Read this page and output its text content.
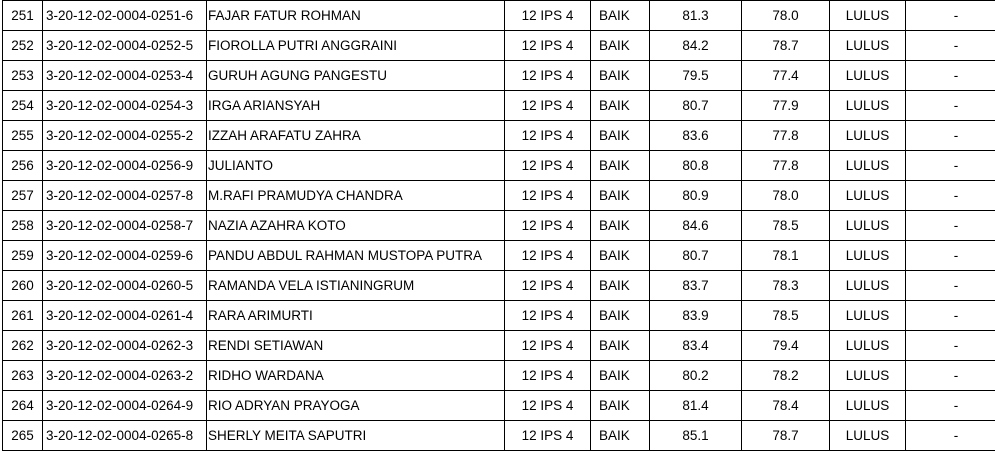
251	3-20-12-02-0004-0251-6	FAJAR FATUR ROHMAN	12 IPS 4	BAIK	81.3	78.0	LULUS	-
252	3-20-12-02-0004-0252-5	FIOROLLA PUTRI ANGGRAINI	12 IPS 4	BAIK	84.2	78.7	LULUS	-
253	3-20-12-02-0004-0253-4	GURUH AGUNG PANGESTU	12 IPS 4	BAIK	79.5	77.4	LULUS	-
254	3-20-12-02-0004-0254-3	IRGA ARIANSYAH	12 IPS 4	BAIK	80.7	77.9	LULUS	-
255	3-20-12-02-0004-0255-2	IZZAH ARAFATU ZAHRA	12 IPS 4	BAIK	83.6	77.8	LULUS	-
256	3-20-12-02-0004-0256-9	JULIANTO	12 IPS 4	BAIK	80.8	77.8	LULUS	-
257	3-20-12-02-0004-0257-8	M.RAFI PRAMUDYA CHANDRA	12 IPS 4	BAIK	80.9	78.0	LULUS	-
258	3-20-12-02-0004-0258-7	NAZIA AZAHRA KOTO	12 IPS 4	BAIK	84.6	78.5	LULUS	-
259	3-20-12-02-0004-0259-6	PANDU ABDUL RAHMAN MUSTOPA PUTRA	12 IPS 4	BAIK	80.7	78.1	LULUS	-
260	3-20-12-02-0004-0260-5	RAMANDA VELA ISTIANINGRUM	12 IPS 4	BAIK	83.7	78.3	LULUS	-
261	3-20-12-02-0004-0261-4	RARA ARIMURTI	12 IPS 4	BAIK	83.9	78.5	LULUS	-
262	3-20-12-02-0004-0262-3	RENDI SETIAWAN	12 IPS 4	BAIK	83.4	79.4	LULUS	-
263	3-20-12-02-0004-0263-2	RIDHO WARDANA	12 IPS 4	BAIK	80.2	78.2	LULUS	-
264	3-20-12-02-0004-0264-9	RIO ADRYAN PRAYOGA	12 IPS 4	BAIK	81.4	78.4	LULUS	-
265	3-20-12-02-0004-0265-8	SHERLY MEITA SAPUTRI	12 IPS 4	BAIK	85.1	78.7	LULUS	-
